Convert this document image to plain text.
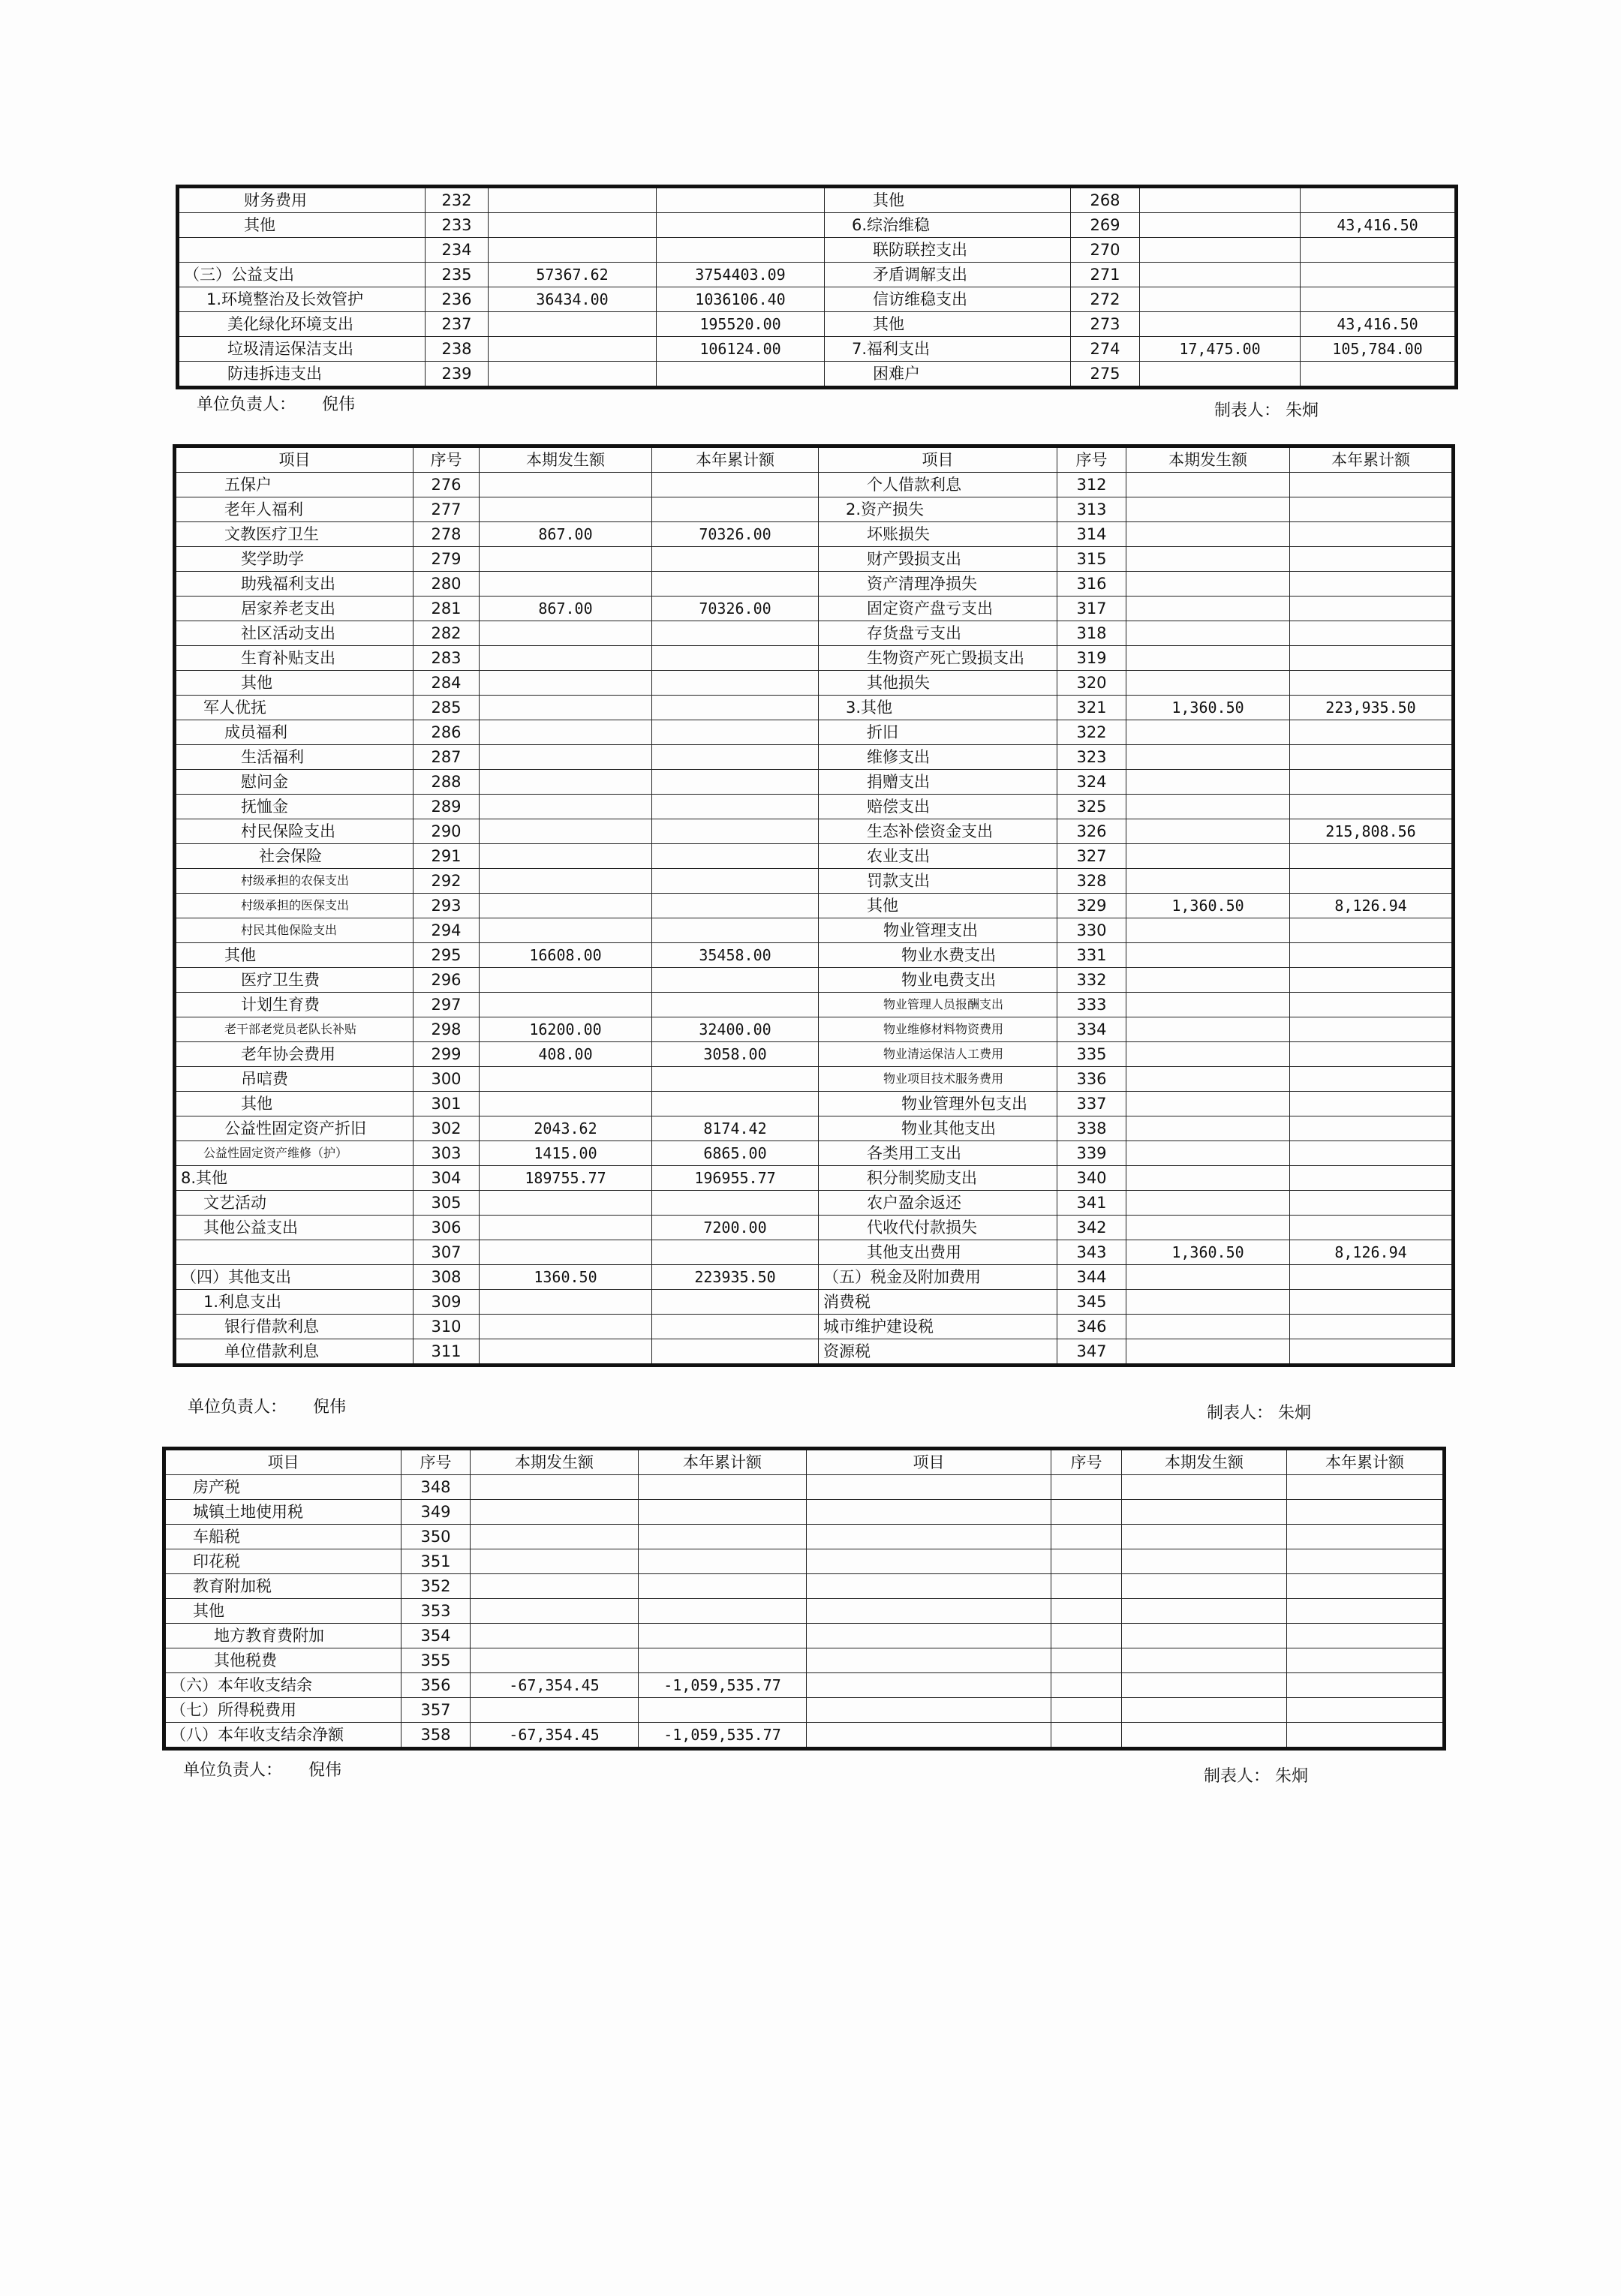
财务费用	232			其他	268		
其他	233			6.综治维稳	269		43,416.50
	234			联防联控支出	270		
（三）公益支出	235	57367.62	3754403.09	矛盾调解支出	271		
1.环境整治及长效管护	236	36434.00	1036106.40	信访维稳支出	272		
美化绿化环境支出	237		195520.00	其他	273		43,416.50
垃圾清运保洁支出	238		106124.00	7.福利支出	274	17,475.00	105,784.00
防违拆违支出	239			困难户	275		
单位负责人： 倪伟	制表人： 朱炯
项目	序号	本期发生额	本年累计额	项目	序号	本期发生额	本年累计额
五保户	276			个人借款利息	312		
老年人福利	277			2.资产损失	313		
文教医疗卫生	278	867.00	70326.00	坏账损失	314		
奖学助学	279			财产毁损支出	315		
助残福利支出	280			资产清理净损失	316		
居家养老支出	281	867.00	70326.00	固定资产盘亏支出	317		
社区活动支出	282			存货盘亏支出	318		
生育补贴支出	283			生物资产死亡毁损支出	319		
其他	284			其他损失	320		
军人优抚	285			3.其他	321	1,360.50	223,935.50
成员福利	286			折旧	322		
生活福利	287			维修支出	323		
慰问金	288			捐赠支出	324		
抚恤金	289			赔偿支出	325		
村民保险支出	290			生态补偿资金支出	326		215,808.56
社会保险	291			农业支出	327		
村级承担的农保支出	292			罚款支出	328		
村级承担的医保支出	293			其他	329	1,360.50	8,126.94
村民其他保险支出	294			物业管理支出	330		
其他	295	16608.00	35458.00	物业水费支出	331		
医疗卫生费	296			物业电费支出	332		
计划生育费	297			物业管理人员报酬支出	333		
老干部老党员老队长补贴	298	16200.00	32400.00	物业维修材料物资费用	334		
老年协会费用	299	408.00	3058.00	物业清运保洁人工费用	335		
吊唁费	300			物业项目技术服务费用	336		
其他	301			物业管理外包支出	337		
公益性固定资产折旧	302	2043.62	8174.42	物业其他支出	338		
公益性固定资产维修（护）	303	1415.00	6865.00	各类用工支出	339		
8.其他	304	189755.77	196955.77	积分制奖励支出	340		
文艺活动	305			农户盈余返还	341		
其他公益支出	306		7200.00	代收代付款损失	342		
	307			其他支出费用	343	1,360.50	8,126.94
（四）其他支出	308	1360.50	223935.50	（五）税金及附加费用	344		
1.利息支出	309			消费税	345		
银行借款利息	310			城市维护建设税	346		
单位借款利息	311			资源税	347		
单位负责人： 倪伟	制表人： 朱炯
项目	序号	本期发生额	本年累计额	项目	序号	本期发生额	本年累计额
房产税	348						
城镇土地使用税	349						
车船税	350						
印花税	351						
教育附加税	352						
其他	353						
地方教育费附加	354						
其他税费	355						
（六）本年收支结余	356	-67,354.45	-1,059,535.77				
（七）所得税费用	357						
（八）本年收支结余净额	358	-67,354.45	-1,059,535.77				
单位负责人： 倪伟	制表人： 朱炯
